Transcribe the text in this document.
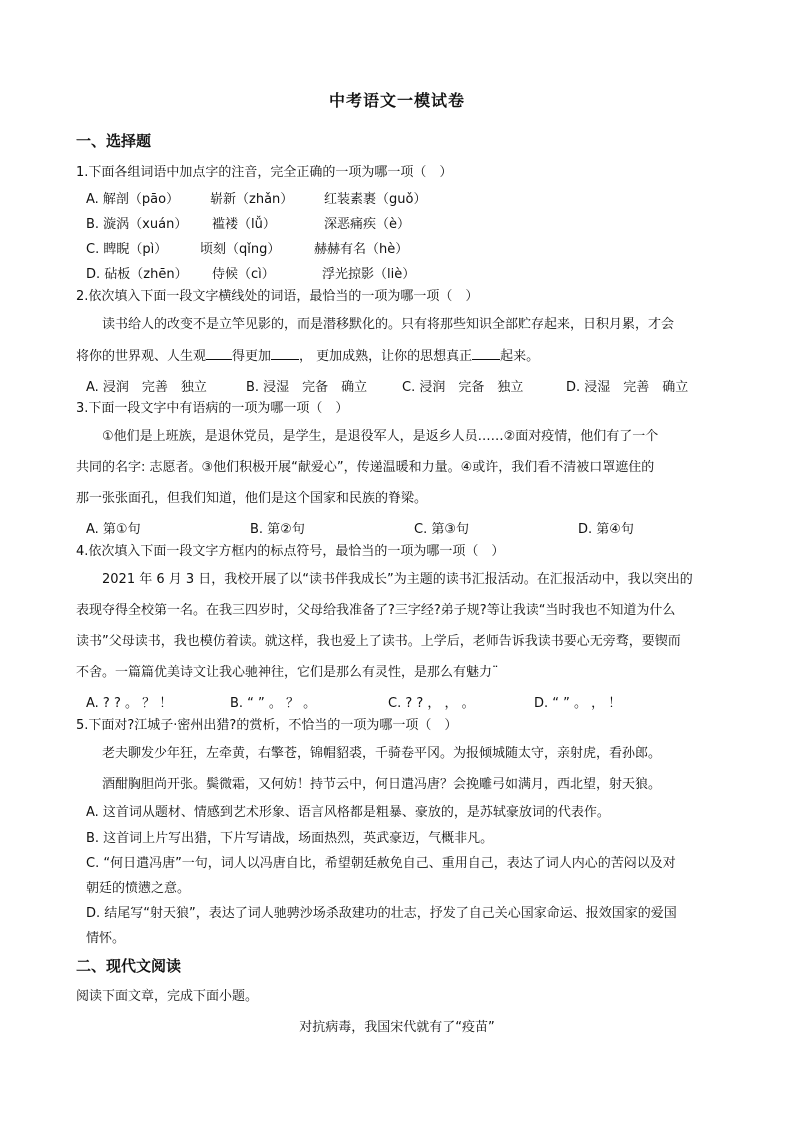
中考语文一模试卷
一、选择题
1.下面各组词语中加点字的注音，完全正确的一项为哪一项（　）
A. 解剖（pāo） 崭新（zhǎn） 红装素裹（guǒ）
B. 漩涡（xuán） 褴褛（lǚ）	深恶痛疾（è）
C. 睥睨（pì）	顷刻（qǐng）	赫赫有名（hè）
D. 砧板（zhēn） 侍候（cì）	浮光掠影（liè）
2.依次填入下面一段文字横线处的词语，最恰当的一项为哪一项（　）
读书给人的改变不是立竿见影的，而是潜移默化的。只有将那些知识全部贮存起来，日积月累，才会
将你的世界观、人生观 得更加 ， 更加成熟，让你的思想真正 起来。
A. 浸润　完善　独立	B. 浸湿　完备　确立	C. 浸润　完备　独立	D. 浸湿　完善　确立
3.下面一段文字中有语病的一项为哪一项（　）
①他们是上班族，是退休党员，是学生，是退役军人，是返乡人员……②面对疫情，他们有了一个
共同的名字: 志愿者。③他们积极开展“献爱心”，传递温暖和力量。④或许，我们看不清被口罩遮住的
那一张张面孔，但我们知道，他们是这个国家和民族的脊梁。
A. 第①句	B. 第②句	C. 第③句	D. 第④句
4.依次填入下面一段文字方框内的标点符号，最恰当的一项为哪一项（　）
2021 年 6 月 3 日，我校开展了以“读书伴我成长”为主题的读书汇报活动。在汇报活动中，我以突出的
表现夺得全校第一名。在我三四岁时，父母给我准备了?三字经?弟子规?等让我读“当时我也不知道为什么
读书”父母读书，我也模仿着读。就这样，我也爱上了读书。上学后，老师告诉我读书要心无旁骛，要锲而
不舍。一篇篇优美诗文让我心驰神往，它们是那么有灵性，是那么有魅力¨
A. ? ? 。 ？ ！	B. “ ” 。 ？ 。	C. ? ? ， ， 。	D. “ ” 。 ， ！
5.下面对?江城子·密州出猎?的赏析，不恰当的一项为哪一项（　）
老夫聊发少年狂，左牵黄，右擎苍，锦帽貂裘，千骑卷平冈。为报倾城随太守，亲射虎，看孙郎。
酒酣胸胆尚开张。鬓微霜，又何妨！持节云中，何日遣冯唐？会挽雕弓如满月，西北望，射天狼。
A. 这首词从题材、情感到艺术形象、语言风格都是粗暴、豪放的，是苏轼豪放词的代表作。
B. 这首词上片写出猎，下片写请战，场面热烈，英武豪迈，气概非凡。
C. “何日遣冯唐”一句，词人以冯唐自比，希望朝廷赦免自己、重用自己，表达了词人内心的苦闷以及对
朝廷的愤懑之意。
D. 结尾写“射天狼”，表达了词人驰骋沙场杀敌建功的壮志，抒发了自己关心国家命运、报效国家的爱国
情怀。
二、现代文阅读
阅读下面文章，完成下面小题。
对抗病毒，我国宋代就有了“疫苗”
